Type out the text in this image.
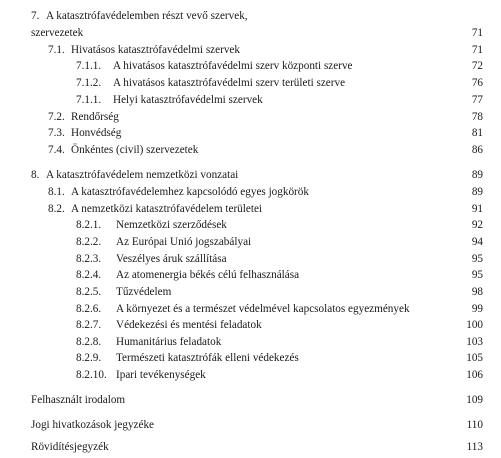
7. A katasztrófavédelemben részt vevő szervek,
szervezetek	71
7.1. Hivatásos katasztrófavédelmi szervek	71
7.1.1. A hivatásos katasztrófavédelmi szerv központi szerve	72
7.1.2. A hivatásos katasztrófavédelmi szerv területi szerve	76
7.1.1. Helyi katasztrófavédelmi szervek	77
7.2. Rendőrség	78
7.3. Honvédség	81
7.4. Önkéntes (civil) szervezetek	86
8. A katasztrófavédelem nemzetközi vonzatai	89
8.1. A katasztrófavédelemhez kapcsolódó egyes jogkörök	89
8.2. A nemzetközi katasztrófavédelem területei	91
8.2.1. Nemzetközi szerződések	92
8.2.2. Az Európai Unió jogszabályai	94
8.2.3. Veszélyes áruk szállítása	95
8.2.4. Az atomenergia békés célú felhasználása	95
8.2.5. Tűzvédelem	98
8.2.6. A környezet és a természet védelmével kapcsolatos egyezmények	99
8.2.7. Védekezési és mentési feladatok	100
8.2.8. Humanitárius feladatok	103
8.2.9. Természeti katasztrófák elleni védekezés	105
8.2.10. Ipari tevékenységek	106
Felhasznált irodalom	109
Jogi hivatkozások jegyzéke	110
Rövidítésjegyzék	113
